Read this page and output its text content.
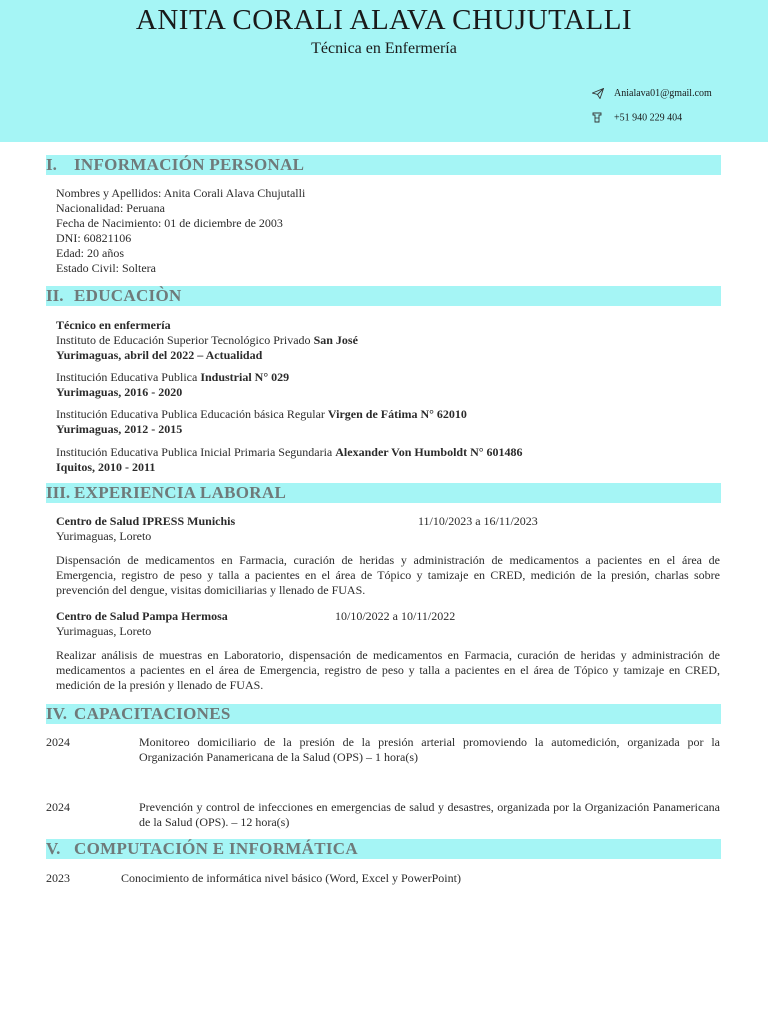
ANITA CORALI ALAVA CHUJUTALLI
Técnica en Enfermería
Anialava01@gmail.com
+51 940 229 404
I. INFORMACIÓN PERSONAL
Nombres y Apellidos: Anita Corali Alava Chujutalli
Nacionalidad: Peruana
Fecha de Nacimiento: 01 de diciembre de 2003
DNI: 60821106
Edad: 20 años
Estado Civil: Soltera
II. EDUCACIÒN
Técnico en enfermería
Instituto de Educación Superior Tecnológico Privado San José
Yurimaguas, abril del 2022 – Actualidad
Institución Educativa Publica Industrial N° 029
Yurimaguas, 2016 - 2020
Institución Educativa Publica Educación básica Regular Virgen de Fátima N° 62010
Yurimaguas, 2012 - 2015
Institución Educativa Publica Inicial Primaria Segundaria Alexander Von Humboldt N° 601486
Iquitos, 2010 - 2011
III. EXPERIENCIA LABORAL
Centro de Salud IPRESS Munichis	11/10/2023 a 16/11/2023
Yurimaguas, Loreto
Dispensación de medicamentos en Farmacia, curación de heridas y administración de medicamentos a pacientes en el área de Emergencia, registro de peso y talla a pacientes en el área de Tópico y tamizaje en CRED, medición de la presión, charlas sobre prevención del dengue, visitas domiciliarias y llenado de FUAS.
Centro de Salud Pampa Hermosa	10/10/2022 a 10/11/2022
Yurimaguas, Loreto
Realizar análisis de muestras en Laboratorio, dispensación de medicamentos en Farmacia, curación de heridas y administración de medicamentos a pacientes en el área de Emergencia, registro de peso y talla a pacientes en el área de Tópico y tamizaje en CRED, medición de la presión y llenado de FUAS.
IV. CAPACITACIONES
2024	Monitoreo domiciliario de la presión de la presión arterial promoviendo la automedición, organizada por la Organización Panamericana de la Salud (OPS) – 1 hora(s)
2024	Prevención y control de infecciones en emergencias de salud y desastres, organizada por la Organización Panamericana de la Salud (OPS). – 12 hora(s)
V. COMPUTACIÓN E INFORMÁTICA
2023	Conocimiento de informática nivel básico (Word, Excel y PowerPoint)
